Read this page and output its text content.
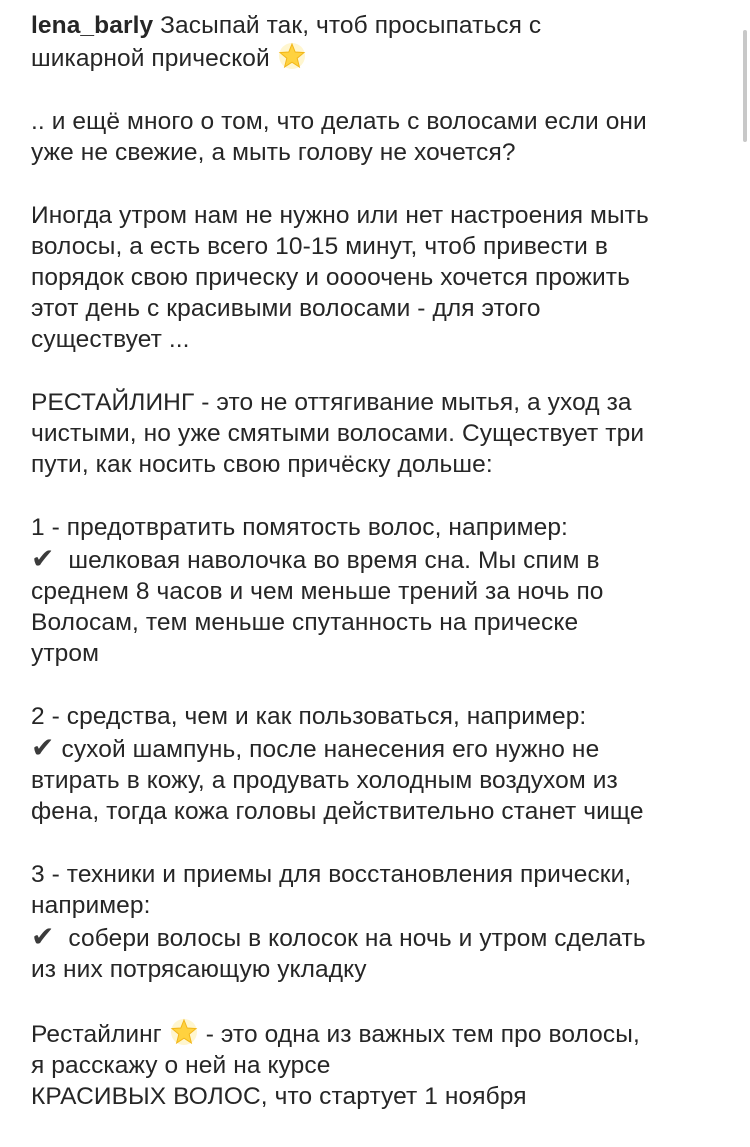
lena_barly Засыпай так, чтоб просыпаться с
шикарной прической
.. и ещё много о том, что делать с волосами если они
уже не свежие, а мыть голову не хочется?
Иногда утром нам не нужно или нет настроения мыть
волосы, а есть всего 10-15 минут, чтоб привести в
порядок свою прическу и оооочень хочется прожить
этот день с красивыми волосами - для этого
существует ...
РЕСТАЙЛИНГ - это не оттягивание мытья, а уход за
чистыми, но уже смятыми волосами. Существует три
пути, как носить свою причёску дольше:
1 - предотвратить помятость волос, например:
✔ шелковая наволочка во время сна. Мы спим в
среднем 8 часов и чем меньше трений за ночь по
Волосам, тем меньше спутанность на прическе
утром
2 - средства, чем и как пользоваться, например:
✔ сухой шампунь, после нанесения его нужно не
втирать в кожу, а продувать холодным воздухом из
фена, тогда кожа головы действительно станет чище
3 - техники и приемы для восстановления прически,
например:
✔ собери волосы в колосок на ночь и утром сделать
из них потрясающую укладку
Рестайлинг - это одна из важных тем про волосы,
я расскажу о ней на курсе
КРАСИВЫХ ВОЛОС, что стартует 1 ноября
